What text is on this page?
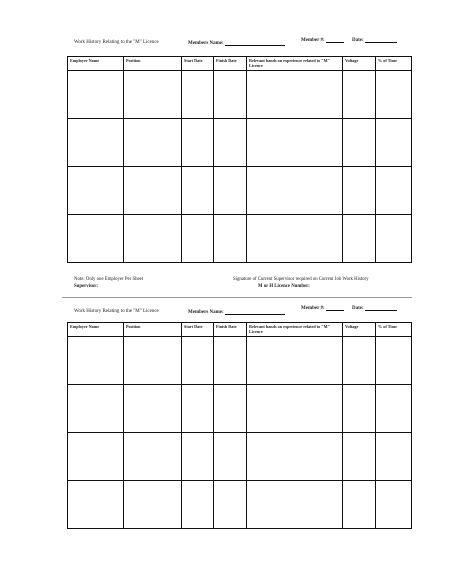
Work History Relating to the "M" Licence	Members Name:
Member #:	Date:
Employer Name	Position	Start Date	Finish Date	Relevant hands on experience related to "M" Licence	Voltage	% of Time

Note: Only one Employer Per Sheet	Signature of Current Supervisor required on Current Job Work History
Supervisor:	M or H Licence Number:
Work History Relating to the "M" Licence	Members Name:
Member #:	Date:
Employer Name	Position	Start Date	Finish Date	Relevant hands on experience related to "M" Licence	Voltage	% of Time
